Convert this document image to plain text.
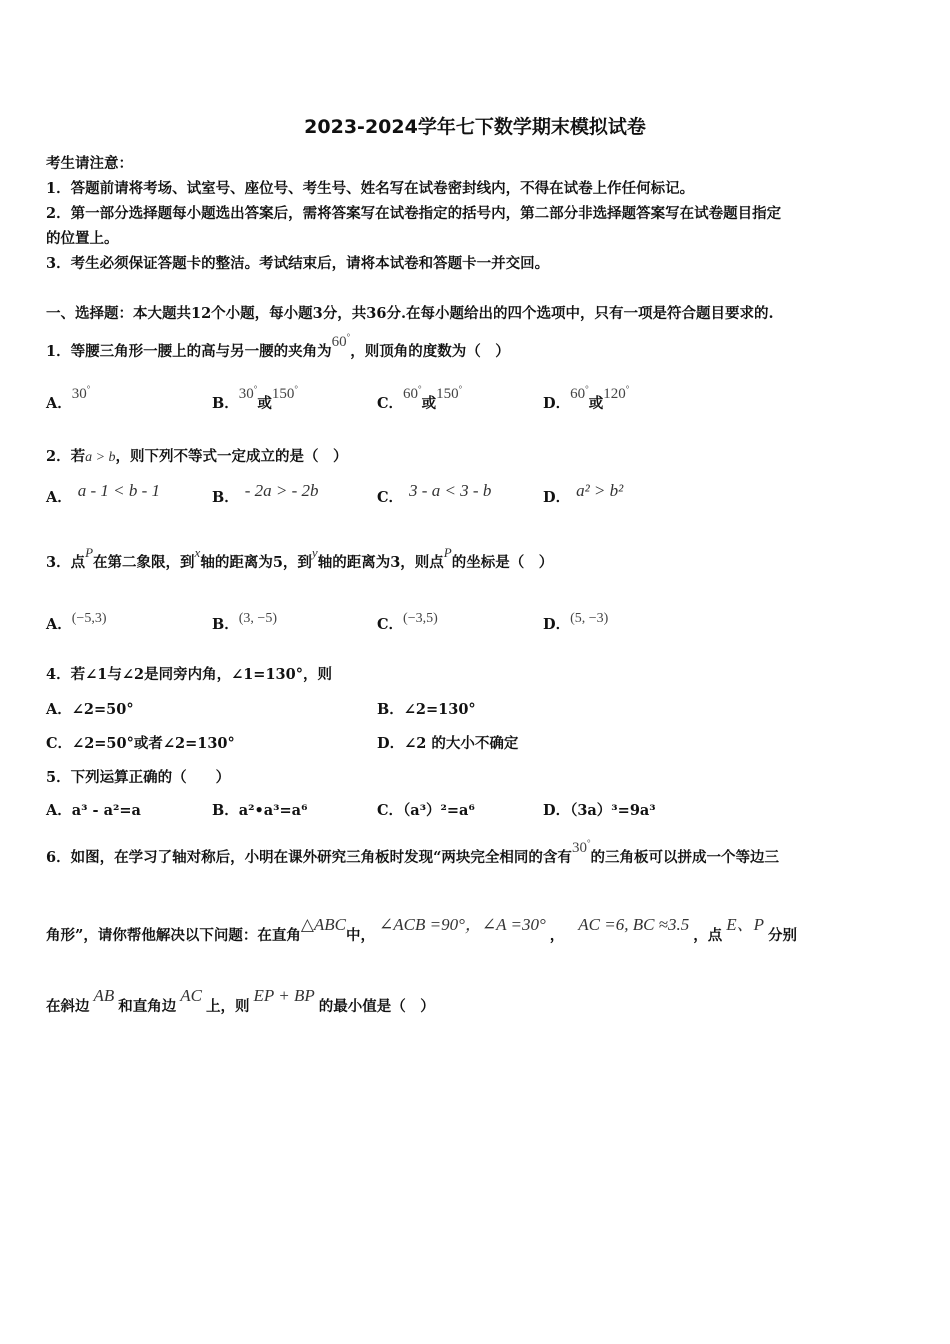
2023-2024学年七下数学期末模拟试卷
考生请注意：
1．答题前请将考场、试室号、座位号、考生号、姓名写在试卷密封线内，不得在试卷上作任何标记。
2．第一部分选择题每小题选出答案后，需将答案写在试卷指定的括号内，第二部分非选择题答案写在试卷题目指定
的位置上。
3．考生必须保证答题卡的整洁。考试结束后，请将本试卷和答题卡一并交回。
一、选择题：本大题共12个小题，每小题3分，共36分.在每小题给出的四个选项中，只有一项是符合题目要求的.
1．等腰三角形一腰上的高与另一腰的夹角为60°，则顶角的度数为（　）
A．30°
B．30°或150°
C．60°或150°
D．60°或120°
2．若a > b，则下列不等式一定成立的是（　）
A． a - 1 < b - 1	B． - 2a > - 2b	C． 3 - a < 3 - b	D． a² > b²
3．点P在第二象限，到x轴的距离为5，到y轴的距离为3，则点P的坐标是（　）
A．(−5,3)	B．(3, −5)	C．(−3,5)	D．(5, −3)
4．若∠1与∠2是同旁内角，∠1=130°，则
A．∠2=50°	B．∠2=130°
C．∠2=50°或者∠2=130°	D．∠2 的大小不确定
5．下列运算正确的（　　）
A．a³ - a²=a	B．a²•a³=a⁶	C．（a³）²=a⁶	D．（3a）³=9a³
6．如图，在学习了轴对称后，小明在课外研究三角板时发现“两块完全相同的含有30°的三角板可以拼成一个等边三
角形”，请你帮他解决以下问题：在直角△ABC中，∠ACB =90°，∠A =30°，AC =6, BC ≈3.5，点E、P分别
在斜边AB和直角边AC上，则EP + BP的最小值是（　）
